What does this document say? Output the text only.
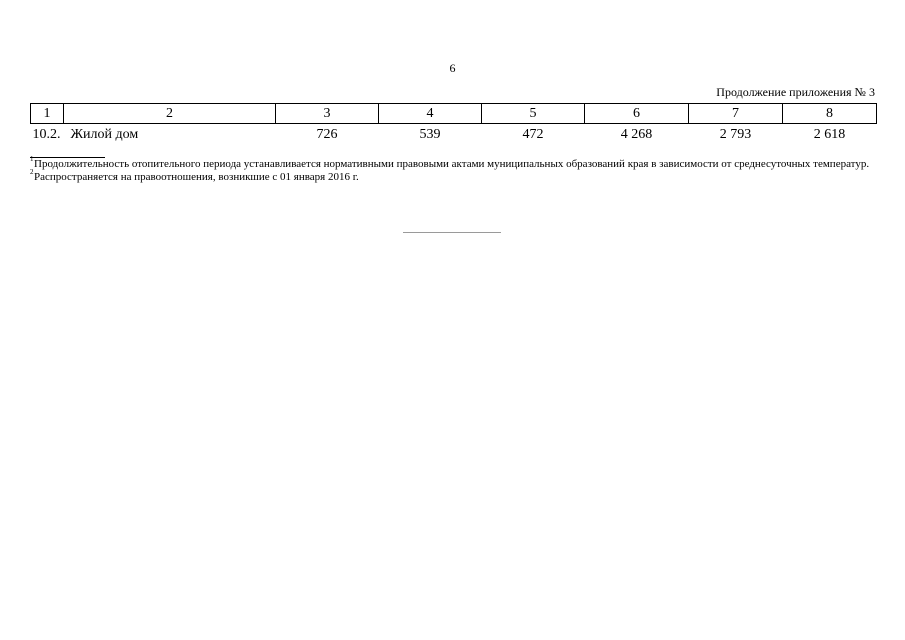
6
Продолжение приложения № 3
1	2	3	4	5	6	7	8
10.2.	Жилой дом	726	539	472	4 268	2 793	2 618

1 Продолжительность отопительного периода устанавливается нормативными правовыми актами муниципальных образований края в зависимости от среднесуточных температур.

2 Распространяется на правоотношения, возникшие с 01 января 2016 г.
